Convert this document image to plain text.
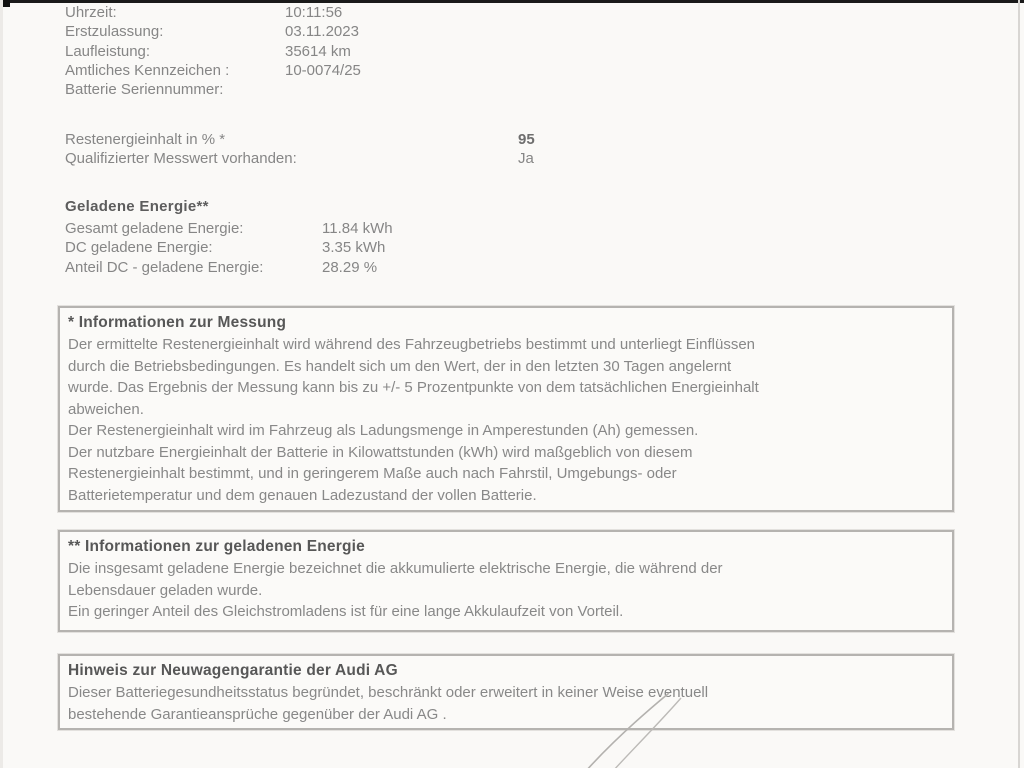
Uhrzeit:	10:11:56
Erstzulassung:	03.11.2023
Laufleistung:	35614 km
Amtliches Kennzeichen :	10-0074/25
Batterie Seriennummer:
Restenergieinhalt in % *	95
Qualifizierter Messwert vorhanden:	Ja
Geladene Energie**
Gesamt geladene Energie:	11.84 kWh
DC geladene Energie:	3.35 kWh
Anteil DC - geladene Energie:	28.29 %
* Informationen zur Messung
Der ermittelte Restenergieinhalt wird während des Fahrzeugbetriebs bestimmt und unterliegt Einflüssen
durch die Betriebsbedingungen. Es handelt sich um den Wert, der in den letzten 30 Tagen angelernt
wurde. Das Ergebnis der Messung kann bis zu +/- 5 Prozentpunkte von dem tatsächlichen Energieinhalt
abweichen.
Der Restenergieinhalt wird im Fahrzeug als Ladungsmenge in Amperestunden (Ah) gemessen.
Der nutzbare Energieinhalt der Batterie in Kilowattstunden (kWh) wird maßgeblich von diesem
Restenergieinhalt bestimmt, und in geringerem Maße auch nach Fahrstil, Umgebungs- oder
Batterietemperatur und dem genauen Ladezustand der vollen Batterie.
** Informationen zur geladenen Energie
Die insgesamt geladene Energie bezeichnet die akkumulierte elektrische Energie, die während der
Lebensdauer geladen wurde.
Ein geringer Anteil des Gleichstromladens ist für eine lange Akkulaufzeit von Vorteil.
Hinweis zur Neuwagengarantie der Audi AG
Dieser Batteriegesundheitsstatus begründet, beschränkt oder erweitert in keiner Weise eventuell
bestehende Garantieansprüche gegenüber der Audi AG .
